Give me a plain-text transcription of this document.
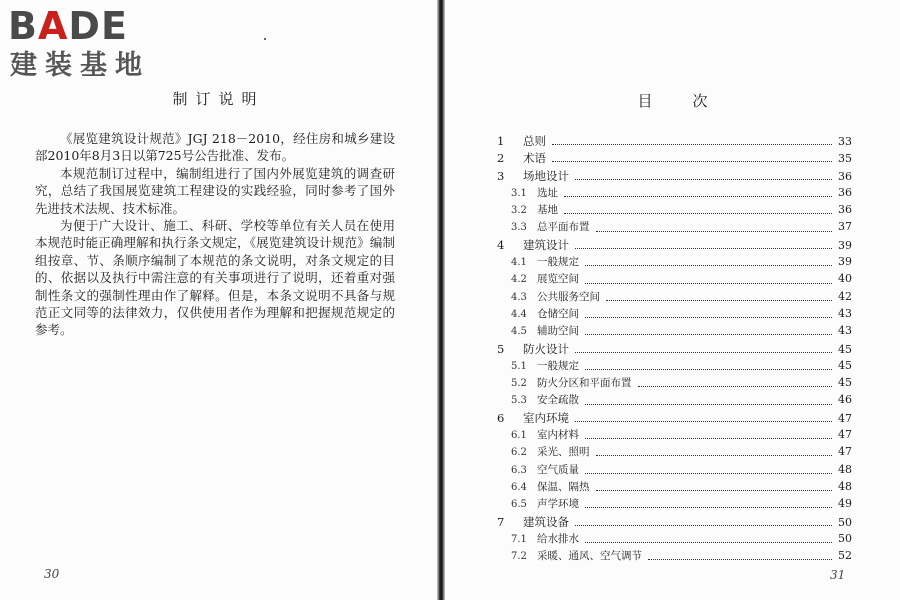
BADE
建装基地
制订说明

《展览建筑设计规范》JGJ 218－2010，经住房和城乡建设部2010年8月3日以第725号公告批准、发布。

本规范制订过程中，编制组进行了国内外展览建筑的调查研究，总结了我国展览建筑工程建设的实践经验，同时参考了国外先进技术法规、技术标准。

为便于广大设计、施工、科研、学校等单位有关人员在使用本规范时能正确理解和执行条文规定，《展览建筑设计规范》编制组按章、节、条顺序编制了本规范的条文说明，对条文规定的目的、依据以及执行中需注意的有关事项进行了说明，还着重对强制性条文的强制性理由作了解释。但是，本条文说明不具备与规范正文同等的法律效力，仅供使用者作为理解和把握规范规定的参考。

30
目次
1	总则	33
2	术语	35
3	场地设计	36
3.1 选址	36
3.2 基地	36
3.3 总平面布置	37
4	建筑设计	39
4.1 一般规定	39
4.2 展览空间	40
4.3 公共服务空间	42
4.4 仓储空间	43
4.5 辅助空间	43
5	防火设计	45
5.1 一般规定	45
5.2 防火分区和平面布置	45
5.3 安全疏散	46
6	室内环境	47
6.1 室内材料	47
6.2 采光、照明	47
6.3 空气质量	48
6.4 保温、隔热	48
6.5 声学环境	49
7	建筑设备	50
7.1 给水排水	50
7.2 采暖、通风、空气调节	52
31
